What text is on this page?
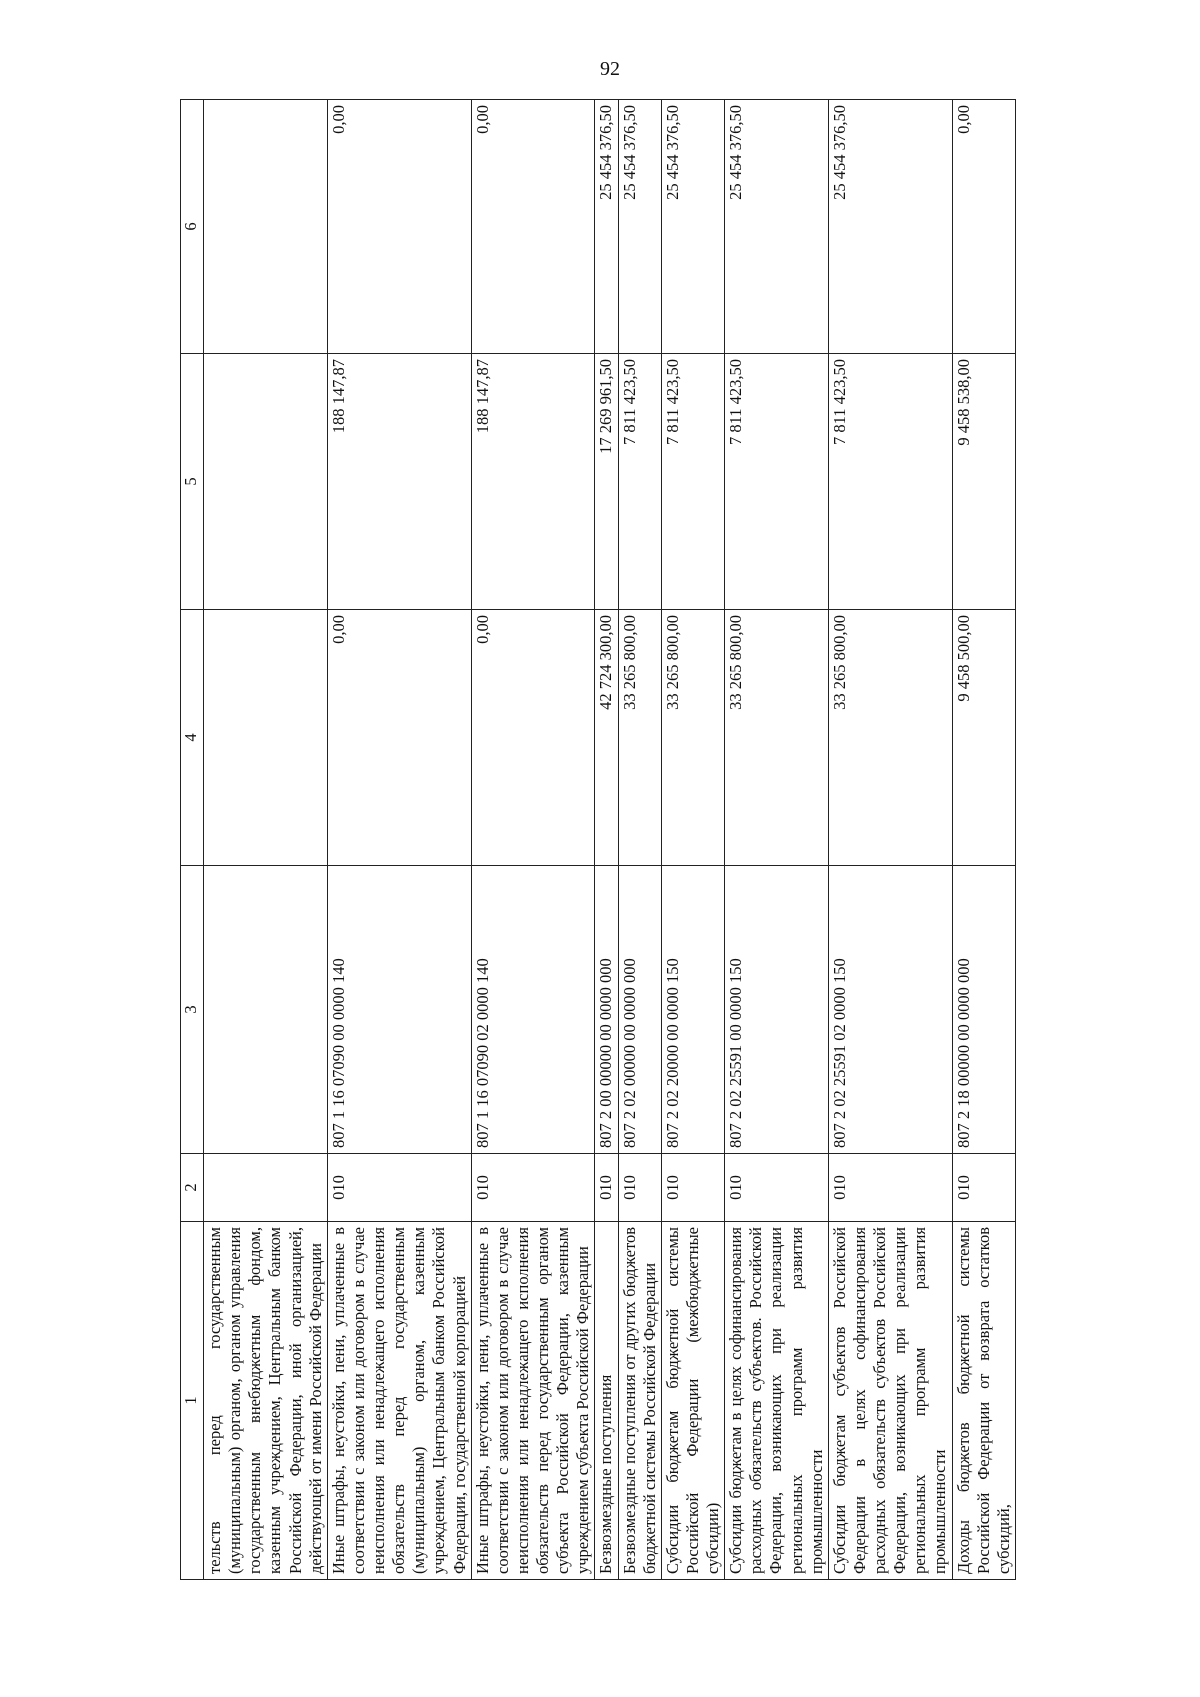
92
1	2	3	4	5	6
тельств перед государственным (муниципальным) органом, органом управления государственным внебюджетным фондом, казенным учреждением, Центральным банком Российской Федерации, иной организацией, действующей от имени Российской Федерации					
Иные штрафы, неустойки, пени, уплаченные в соответствии с законом или договором в случае неисполнения или ненадлежащего исполнения обязательств перед государственным (муниципальным) органом, казенным учреждением, Центральным банком Российской Федерации, государственной корпорацией	010	807 1 16 07090 00 0000 140	0,00	188 147,87	0,00
Иные штрафы, неустойки, пени, уплаченные в соответствии с законом или договором в случае неисполнения или ненадлежащего исполнения обязательств перед государственным органом субъекта Российской Федерации, казенным учреждением субъекта Российской Федерации	010	807 1 16 07090 02 0000 140	0,00	188 147,87	0,00
Безвозмездные поступления	010	807 2 00 00000 00 0000 000	42 724 300,00	17 269 961,50	25 454 376,50
Безвозмездные поступления от других бюджетов бюджетной системы Российской Федерации	010	807 2 02 00000 00 0000 000	33 265 800,00	7 811 423,50	25 454 376,50
Субсидии бюджетам бюджетной системы Российской Федерации (межбюджетные субсидии)	010	807 2 02 20000 00 0000 150	33 265 800,00	7 811 423,50	25 454 376,50
Субсидии бюджетам в целях софинансирования расходных обязательств субъектов. Российской Федерации, возникающих при реализации региональных программ развития промышленности	010	807 2 02 25591 00 0000 150	33 265 800,00	7 811 423,50	25 454 376,50
Субсидии бюджетам субъектов Российской Федерации в целях софинансирования расходных обязательств субъектов Российской Федерации, возникающих при реализации региональных программ развития промышленности	010	807 2 02 25591 02 0000 150	33 265 800,00	7 811 423,50	25 454 376,50
Доходы бюджетов бюджетной системы Российской Федерации от возврата остатков субсидий,	010	807 2 18 00000 00 0000 000	9 458 500,00	9 458 538,00	0,00
